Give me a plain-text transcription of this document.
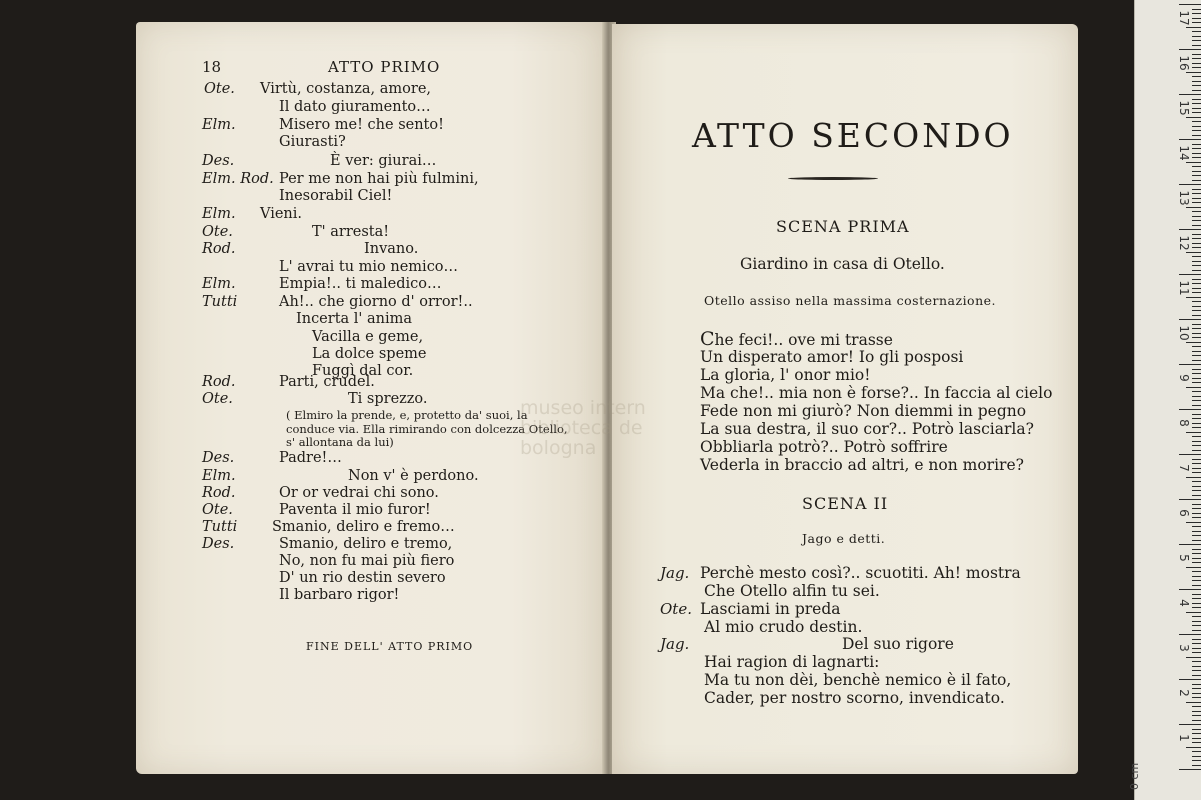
18	ATTO PRIMO
Ote.
Elm.
Des.
Elm. Rod.
Elm.
Ote.
Rod.
Elm.
Tutti
Rod.
Ote.
Des.
Elm.
Rod.
Ote.
Tutti
Des.
Virtù, costanza, amore,
Il dato giuramento…
Misero me! che sento!
Giurasti?
È ver: giurai…
Per me non hai più fulmini,
Inesorabil Ciel!
Vieni.
T' arresta!
Invano.
L' avrai tu mio nemico…
Empia!.. ti maledico…
Ah!.. che giorno d' orror!..
Incerta l' anima
Vacilla e geme,
La dolce speme
Fuggì dal cor.
Parti, crudel.
Ti sprezzo.
( Elmiro la prende, e, protetto da' suoi, la conduce via. Ella rimirando con dolcezza Otello, s' allontana da lui)
Padre!…
Non v' è perdono.
Or or vedrai chi sono.
Paventa il mio furor!
Smanio, deliro e fremo…
Smanio, deliro e tremo,
No, non fu mai più fiero
D' un rio destin severo
Il barbaro rigor!
FINE DELL' ATTO PRIMO
ATTO SECONDO
SCENA PRIMA
Giardino in casa di Otello.
Otello assiso nella massima costernazione.
Che feci!.. ove mi trasse
Un disperato amor! Io gli posposi
La gloria, l' onor mio!
Ma che!.. mia non è forse?.. In faccia al cielo
Fede non mi giurò? Non diemmi in pegno
La sua destra, il suo cor?.. Potrò lasciarla?
Obbliarla potrò?.. Potrò soffrire
Vederla in braccio ad altri, e non morire?
SCENA II
Jago e detti.
Jag. Perchè mesto così?.. scuotiti. Ah! mostra
Che Otello alfin tu sei.
Ote. Lasciami in preda
Al mio crudo destin.
Jag.	Del suo rigore
Hai ragion di lagnarti:
Ma tu non dèi, benchè nemico è il fato,
Cader, per nostro scorno, invendicato.
museo intern
biblioteca de
bologna
17
16
15
14
13
12
11
10
9
8
7
6
5
4
3
2
1
0 cm
